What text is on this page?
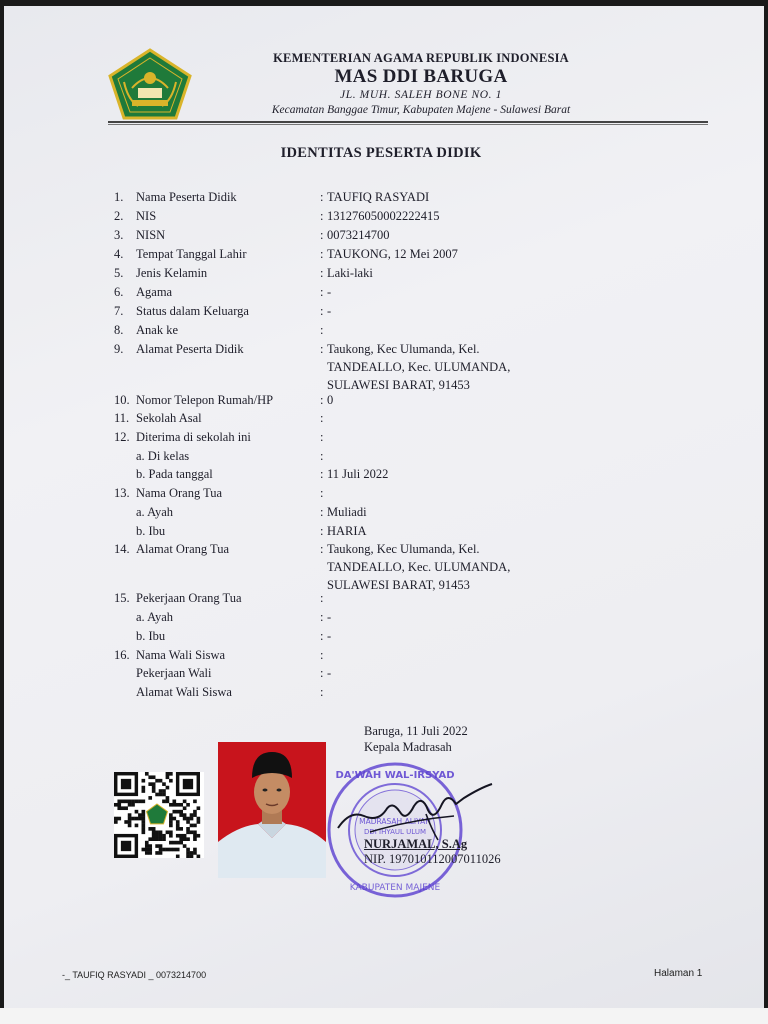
KEMENTERIAN AGAMA REPUBLIK INDONESIA
MAS DDI BARUGA
JL. MUH. SALEH BONE NO. 1
Kecamatan Banggae Timur, Kabupaten Majene - Sulawesi Barat
IDENTITAS PESERTA DIDIK
1. Nama Peserta Didik	: TAUFIQ RASYADI
2. NIS	: 131276050002222415
3. NISN	: 0073214700
4. Tempat Tanggal Lahir	: TAUKONG, 12 Mei 2007
5. Jenis Kelamin	: Laki-laki
6. Agama	: -
7. Status dalam Keluarga	: -
8. Anak ke	:
9. Alamat Peserta Didik	: Taukong, Kec Ulumanda, Kel.
TANDEALLO, Kec. ULUMANDA,
SULAWESI BARAT, 91453
10. Nomor Telepon Rumah/HP	: 0
11. Sekolah Asal	:
12. Diterima di sekolah ini	:
a. Di kelas	:
b. Pada tanggal	: 11 Juli 2022
13. Nama Orang Tua	:
a. Ayah	: Muliadi
b. Ibu	: HARIA
14. Alamat Orang Tua	: Taukong, Kec Ulumanda, Kel.
TANDEALLO, Kec. ULUMANDA,
SULAWESI BARAT, 91453
15. Pekerjaan Orang Tua	:
a. Ayah	: -
b. Ibu	: -
16. Nama Wali Siswa	:
Pekerjaan Wali	: -
Alamat Wali Siswa	:
DA'WAH WAL-IRSYAD
MADRASAH ALIYAH
DDI IHYAUL ULUM
KABUPATEN MAJENE
Baruga, 11 Juli 2022
Kepala Madrasah
NURJAMAL, S.Ag
NIP. 197010112007011026
-_ TAUFIQ RASYADI _ 0073214700	Halaman 1
